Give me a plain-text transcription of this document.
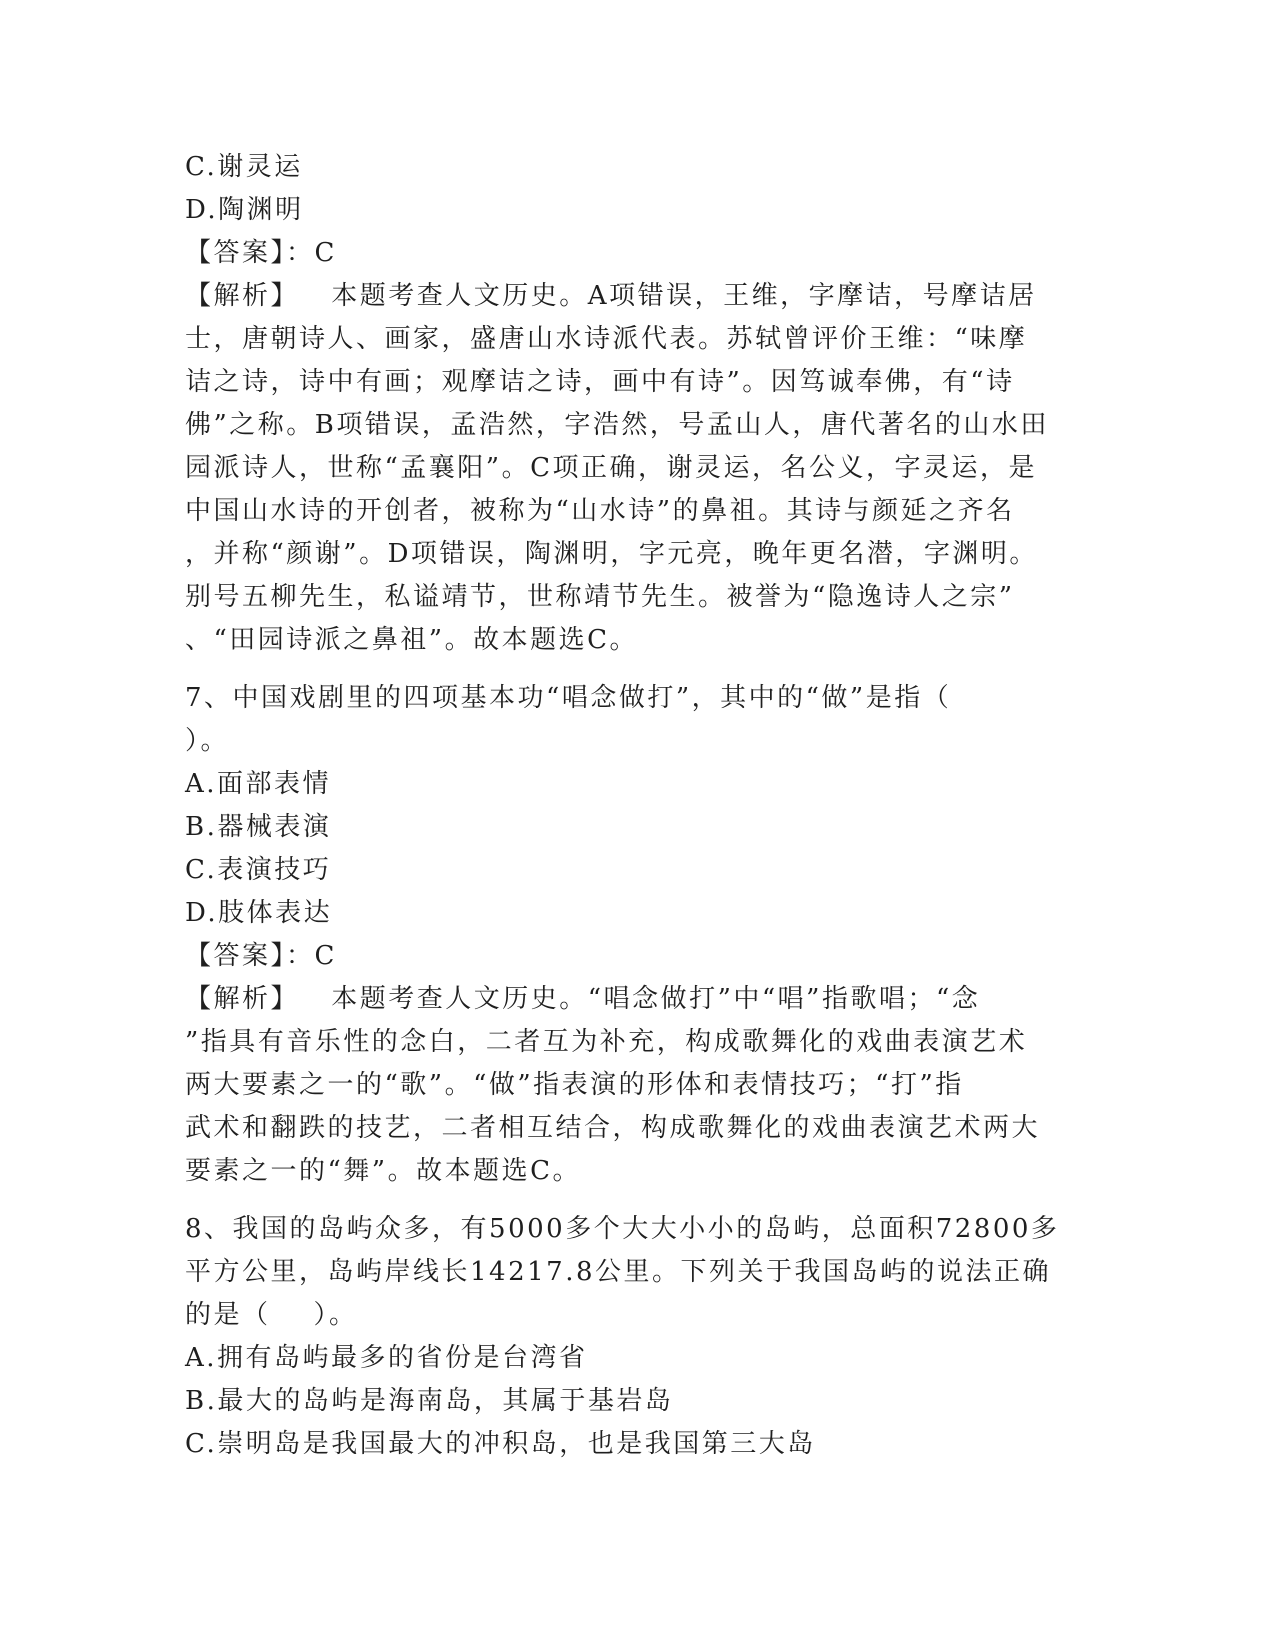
C.谢灵运
D.陶渊明
【答案】：C
【解析】   本题考查人文历史。A项错误，王维，字摩诘，号摩诘居
士，唐朝诗人、画家，盛唐山水诗派代表。苏轼曾评价王维：“味摩
诘之诗，诗中有画；观摩诘之诗，画中有诗”。因笃诚奉佛，有“诗
佛”之称。B项错误，孟浩然，字浩然，号孟山人，唐代著名的山水田
园派诗人，世称“孟襄阳”。C项正确，谢灵运，名公义，字灵运，是
中国山水诗的开创者，被称为“山水诗”的鼻祖。其诗与颜延之齐名
，并称“颜谢”。D项错误，陶渊明，字元亮，晚年更名潜，字渊明。
别号五柳先生，私谥靖节，世称靖节先生。被誉为“隐逸诗人之宗”
、“田园诗派之鼻祖”。故本题选C。
7、中国戏剧里的四项基本功“唱念做打”，其中的“做”是指（
）。
A.面部表情
B.器械表演
C.表演技巧
D.肢体表达
【答案】：C
【解析】   本题考查人文历史。“唱念做打”中“唱”指歌唱；“念
”指具有音乐性的念白，二者互为补充，构成歌舞化的戏曲表演艺术
两大要素之一的“歌”。“做”指表演的形体和表情技巧；“打”指
武术和翻跌的技艺，二者相互结合，构成歌舞化的戏曲表演艺术两大
要素之一的“舞”。故本题选C。
8、我国的岛屿众多，有5000多个大大小小的岛屿，总面积72800多
平方公里，岛屿岸线长14217.8公里。下列关于我国岛屿的说法正确
的是（    ）。
A.拥有岛屿最多的省份是台湾省
B.最大的岛屿是海南岛，其属于基岩岛
C.崇明岛是我国最大的冲积岛，也是我国第三大岛
